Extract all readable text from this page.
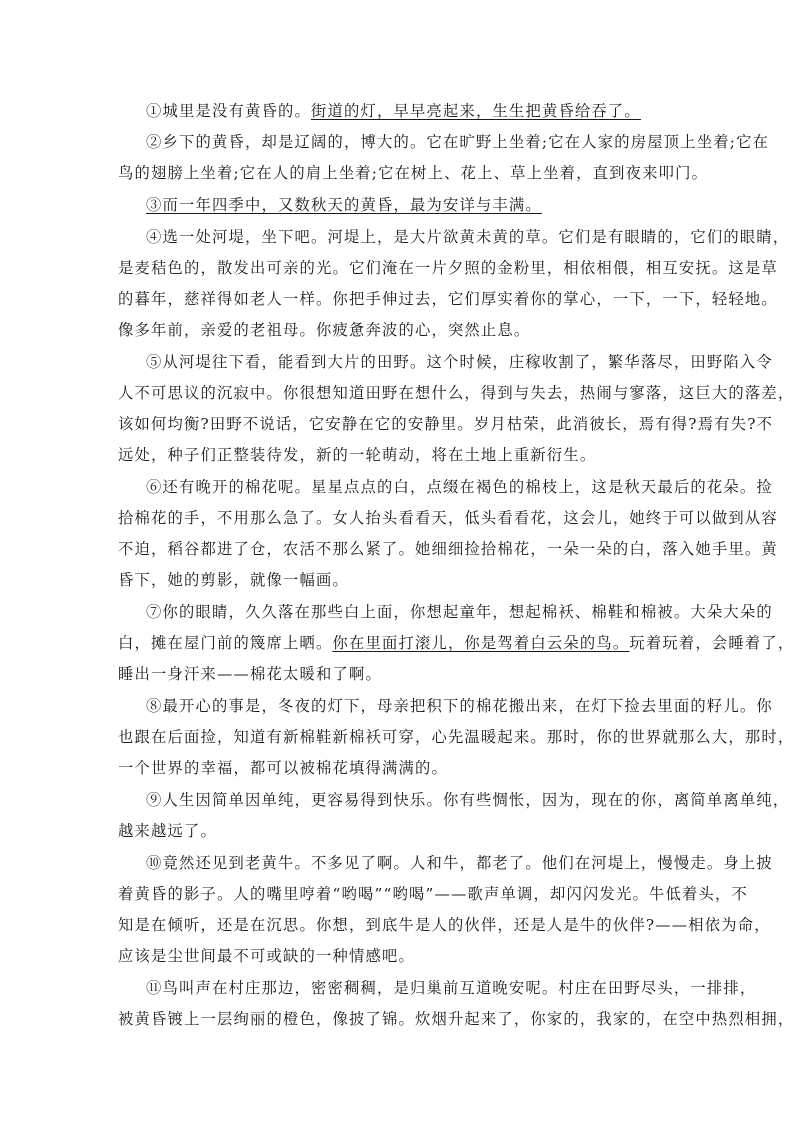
①城里是没有黄昏的。街道的灯，早早亮起来，生生把黄昏给吞了。
②乡下的黄昏，却是辽阔的，博大的。它在旷野上坐着;它在人家的房屋顶上坐着;它在
鸟的翅膀上坐着;它在人的肩上坐着;它在树上、花上、草上坐着，直到夜来叩门。
③而一年四季中，又数秋天的黄昏，最为安详与丰满。
④选一处河堤，坐下吧。河堤上，是大片欲黄未黄的草。它们是有眼睛的，它们的眼睛，
是麦秸色的，散发出可亲的光。它们淹在一片夕照的金粉里，相依相偎，相互安抚。这是草
的暮年，慈祥得如老人一样。你把手伸过去，它们厚实着你的掌心，一下，一下，轻轻地。
像多年前，亲爱的老祖母。你疲惫奔波的心，突然止息。
⑤从河堤往下看，能看到大片的田野。这个时候，庄稼收割了，繁华落尽，田野陷入令
人不可思议的沉寂中。你很想知道田野在想什么，得到与失去，热闹与寥落，这巨大的落差，
该如何均衡?田野不说话，它安静在它的安静里。岁月枯荣，此消彼长，焉有得?焉有失?不
远处，种子们正整装待发，新的一轮萌动，将在土地上重新衍生。
⑥还有晚开的棉花呢。星星点点的白，点缀在褐色的棉枝上，这是秋天最后的花朵。捡
拾棉花的手，不用那么急了。女人抬头看看天，低头看看花，这会儿，她终于可以做到从容
不迫，稻谷都进了仓，农活不那么紧了。她细细捡拾棉花，一朵一朵的白，落入她手里。黄
昏下，她的剪影，就像一幅画。
⑦你的眼睛，久久落在那些白上面，你想起童年，想起棉袄、棉鞋和棉被。大朵大朵的
白，摊在屋门前的篾席上晒。你在里面打滚儿，你是驾着白云朵的鸟。玩着玩着，会睡着了，
睡出一身汗来——棉花太暖和了啊。
⑧最开心的事是，冬夜的灯下，母亲把积下的棉花搬出来，在灯下捡去里面的籽儿。你
也跟在后面捡，知道有新棉鞋新棉袄可穿，心先温暖起来。那时，你的世界就那么大，那时，
一个世界的幸福，都可以被棉花填得满满的。
⑨人生因简单因单纯，更容易得到快乐。你有些惆怅，因为，现在的你，离简单离单纯，
越来越远了。
⑩竟然还见到老黄牛。不多见了啊。人和牛，都老了。他们在河堤上，慢慢走。身上披
着黄昏的影子。人的嘴里哼着“哟喝”“哟喝”——歌声单调，却闪闪发光。牛低着头，不
知是在倾听，还是在沉思。你想，到底牛是人的伙伴，还是人是牛的伙伴?——相依为命，
应该是尘世间最不可或缺的一种情感吧。
⑪鸟叫声在村庄那边，密密稠稠，是归巢前互道晚安呢。村庄在田野尽头，一排排，
被黄昏镀上一层绚丽的橙色，像披了锦。炊烟升起来了，你家的，我家的，在空中热烈相拥，
